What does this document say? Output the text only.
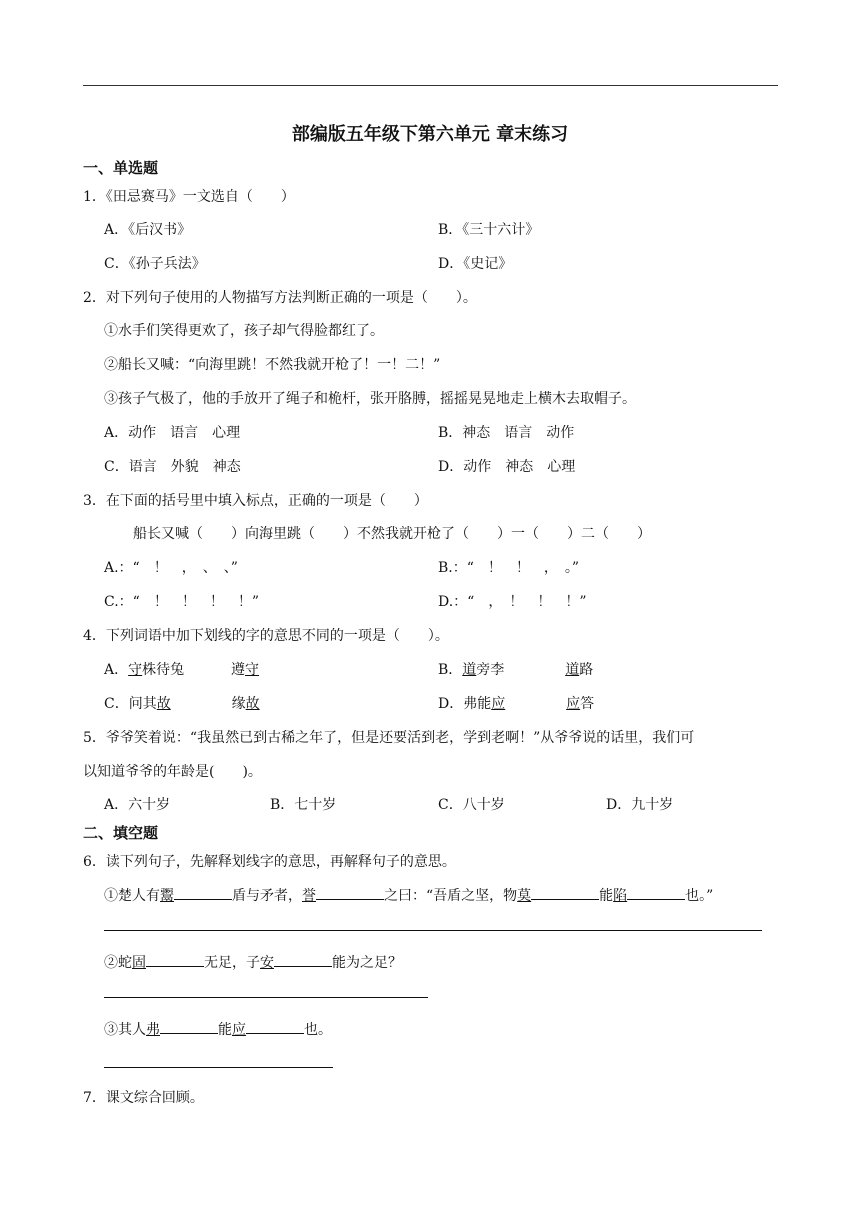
部编版五年级下第六单元 章末练习
一、单选题
1．《田忌赛马》一文选自（　　）
A．《后汉书》	B．《三十六计》
C．《孙子兵法》	D．《史记》
2．对下列句子使用的人物描写方法判断正确的一项是（　　）。
①水手们笑得更欢了，孩子却气得脸都红了。
②船长又喊：“向海里跳！不然我就开枪了！一！二！”
③孩子气极了，他的手放开了绳子和桅杆，张开胳膊，摇摇晃晃地走上横木去取帽子。
A．动作　语言　心理	B．神态　语言　动作
C．语言　外貌　神态	D．动作　神态　心理
3．在下面的括号里中填入标点，正确的一项是（　　）
船长又喊（　　）向海里跳（　　）不然我就开枪了（　　）一（　　）二（　　）
A.：“　！　，　、　、”	B.：“　！　！　，　。”
C.：“　！　！　！　！”	D.：“　，　！　！　！”
4．下列词语中加下划线的字的意思不同的一项是（　　）。
A．守株待兔	遵守	B．道旁李	道路
C．问其故	缘故	D．弗能应	应答
5．爷爷笑着说：“我虽然已到古稀之年了，但是还要活到老，学到老啊！”从爷爷说的话里，我们可
以知道爷爷的年龄是(　　)。
A．六十岁	B．七十岁	C．八十岁	D．九十岁
二、填空题
6．读下列句子，先解释划线字的意思，再解释句子的意思。
①楚人有鬻	盾与矛者，誉	之曰：“吾盾之坚，物莫	能陷	也。”
②蛇固	无足，子安	能为之足？
③其人弗	能应	也。
7．课文综合回顾。
